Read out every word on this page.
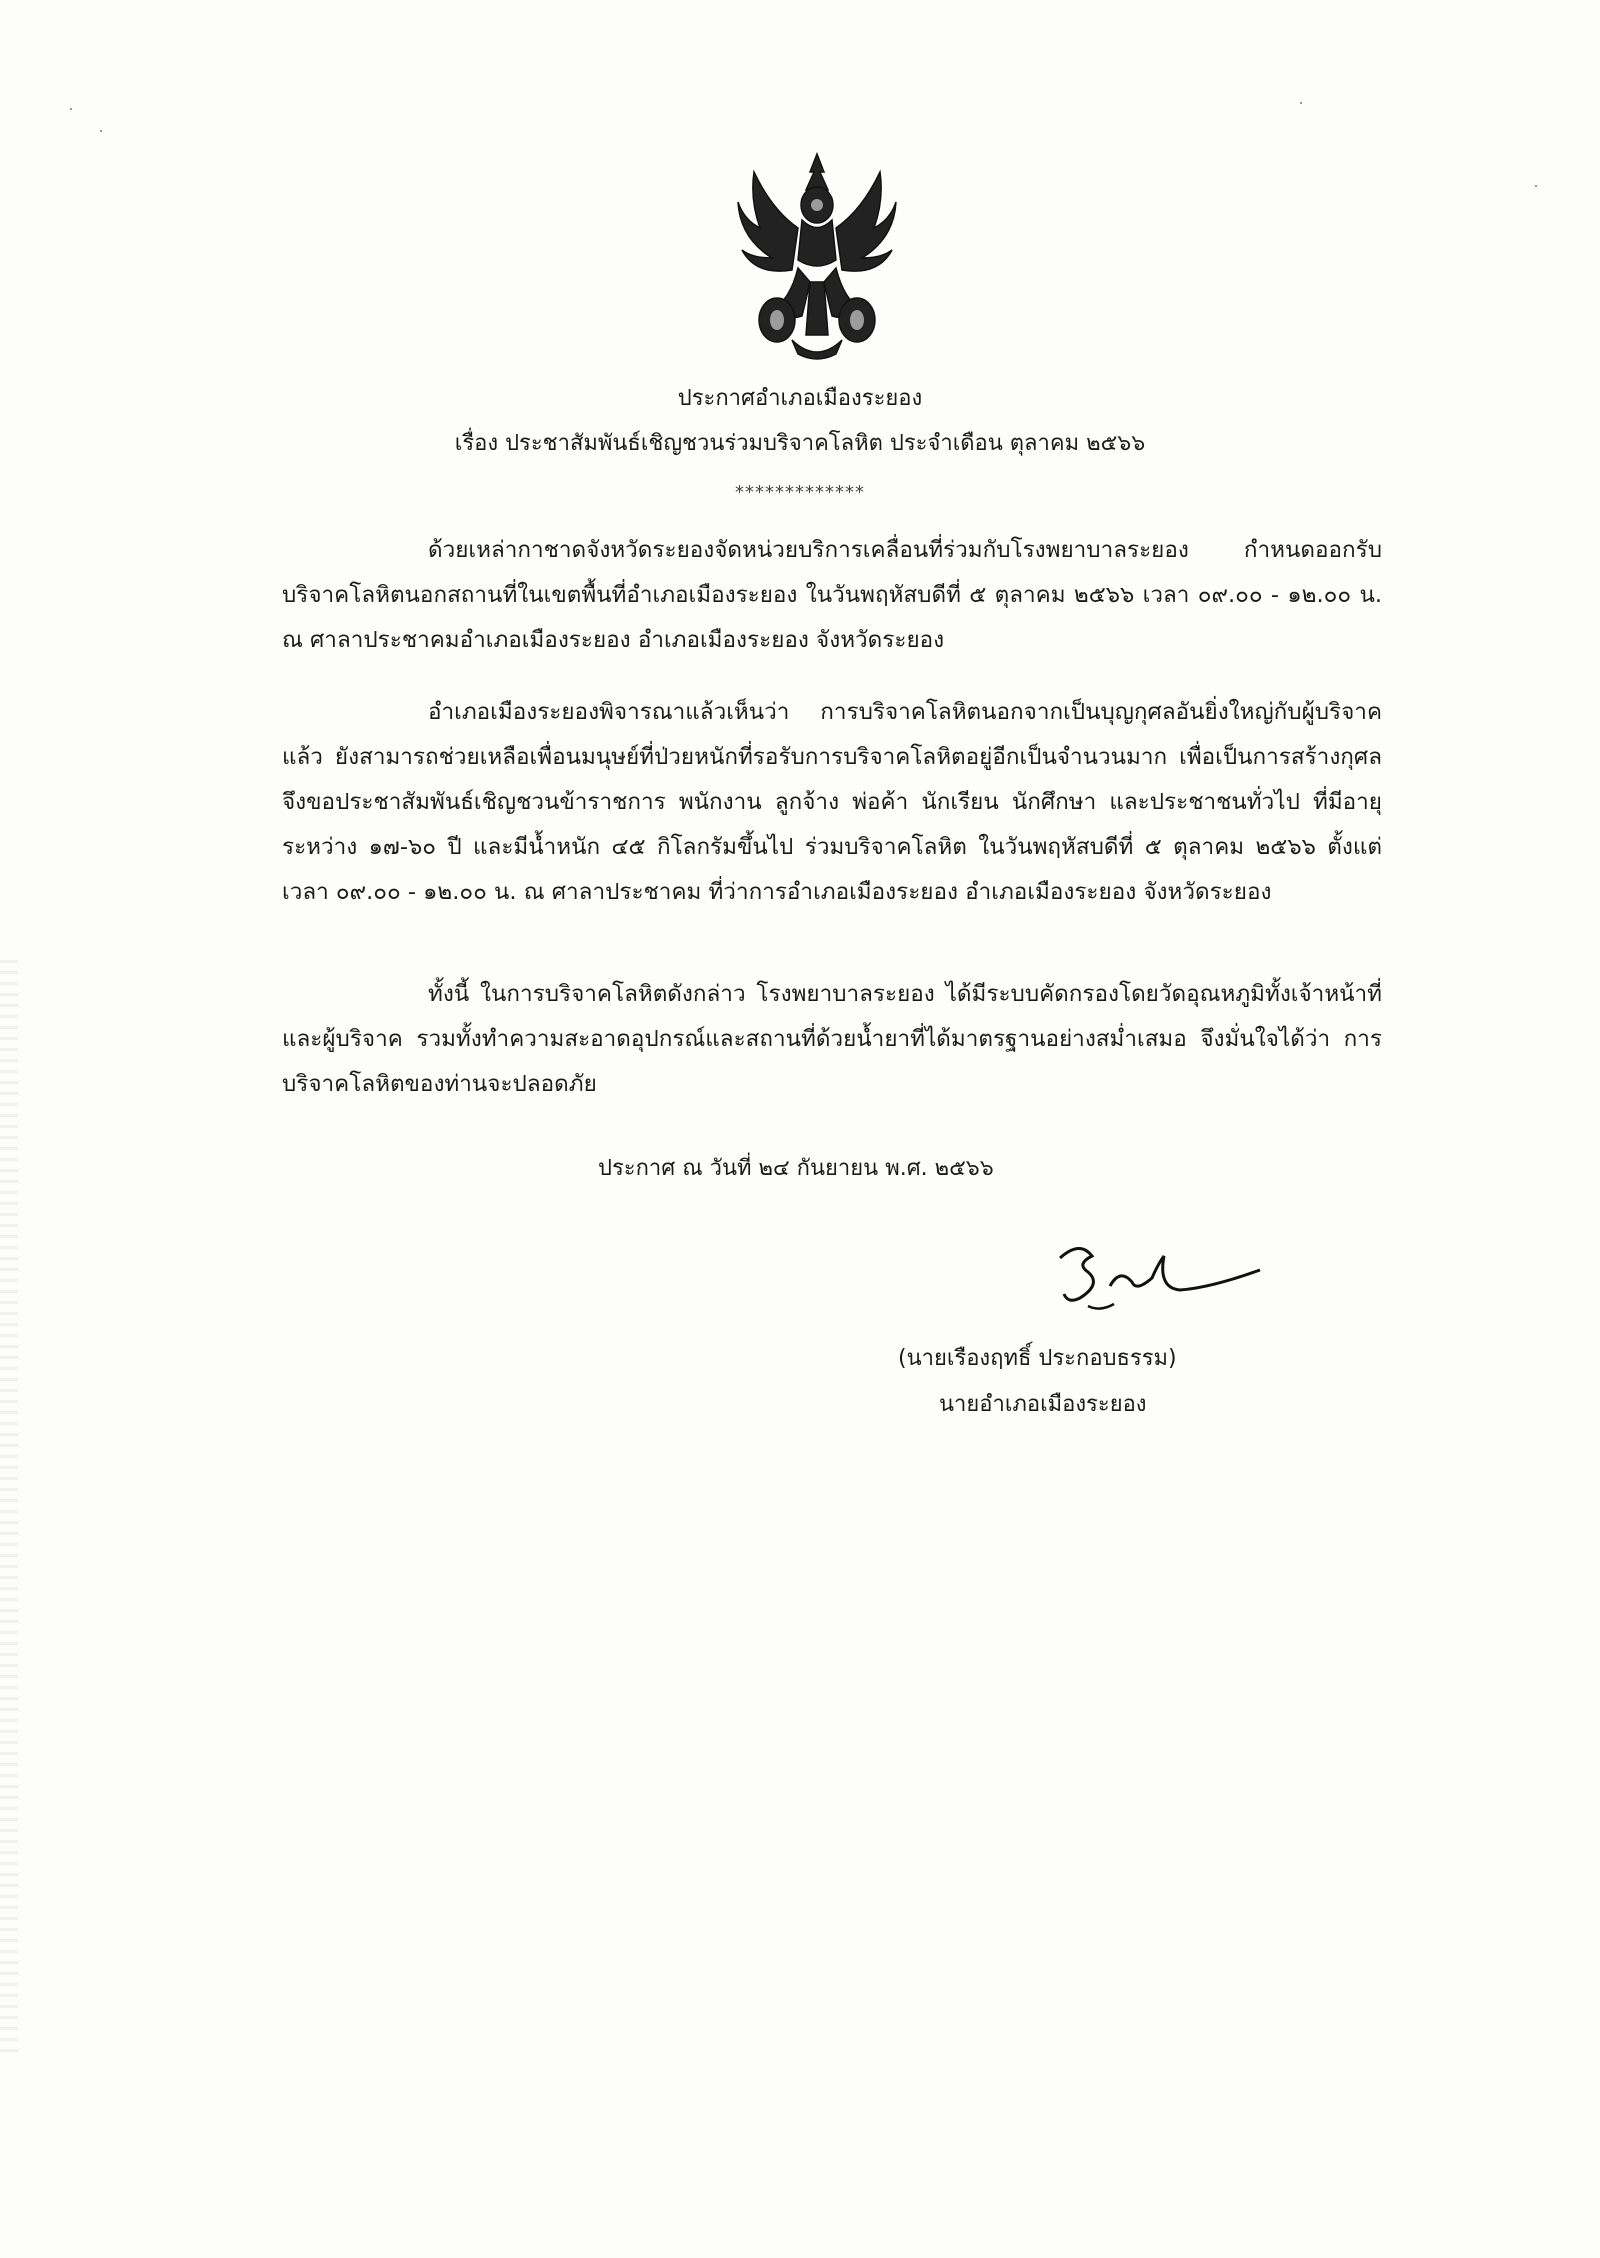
ประกาศอำเภอเมืองระยอง
เรื่อง ประชาสัมพันธ์เชิญชวนร่วมบริจาคโลหิต ประจำเดือน ตุลาคม ๒๕๖๖
*************
ด้วยเหล่ากาชาดจังหวัดระยองจัดหน่วยบริการเคลื่อนที่ร่วมกับโรงพยาบาลระยอง กำหนดออกรับบริจาคโลหิตนอกสถานที่ในเขตพื้นที่อำเภอเมืองระยอง ในวันพฤหัสบดีที่ ๕ ตุลาคม ๒๕๖๖ เวลา ๐๙.๐๐ - ๑๒.๐๐ น. ณ ศาลาประชาคมอำเภอเมืองระยอง อำเภอเมืองระยอง จังหวัดระยอง
อำเภอเมืองระยองพิจารณาแล้วเห็นว่า การบริจาคโลหิตนอกจากเป็นบุญกุศลอันยิ่งใหญ่กับผู้บริจาคแล้ว ยังสามารถช่วยเหลือเพื่อนมนุษย์ที่ป่วยหนักที่รอรับการบริจาคโลหิตอยู่อีกเป็นจำนวนมาก เพื่อเป็นการสร้างกุศล จึงขอประชาสัมพันธ์เชิญชวนข้าราชการ พนักงาน ลูกจ้าง พ่อค้า นักเรียน นักศึกษา และประชาชนทั่วไป ที่มีอายุระหว่าง ๑๗-๖๐ ปี และมีน้ำหนัก ๔๕ กิโลกรัมขึ้นไป ร่วมบริจาคโลหิต ในวันพฤหัสบดีที่ ๕ ตุลาคม ๒๕๖๖ ตั้งแต่เวลา ๐๙.๐๐ - ๑๒.๐๐ น. ณ ศาลาประชาคม ที่ว่าการอำเภอเมืองระยอง อำเภอเมืองระยอง จังหวัดระยอง
ทั้งนี้ ในการบริจาคโลหิตดังกล่าว โรงพยาบาลระยอง ได้มีระบบคัดกรองโดยวัดอุณหภูมิทั้งเจ้าหน้าที่และผู้บริจาค รวมทั้งทำความสะอาดอุปกรณ์และสถานที่ด้วยน้ำยาที่ได้มาตรฐานอย่างสม่ำเสมอ จึงมั่นใจได้ว่า การบริจาคโลหิตของท่านจะปลอดภัย
ประกาศ ณ วันที่ ๒๔ กันยายน พ.ศ. ๒๕๖๖
(นายเรืองฤทธิ์ ประกอบธรรม)
นายอำเภอเมืองระยอง
